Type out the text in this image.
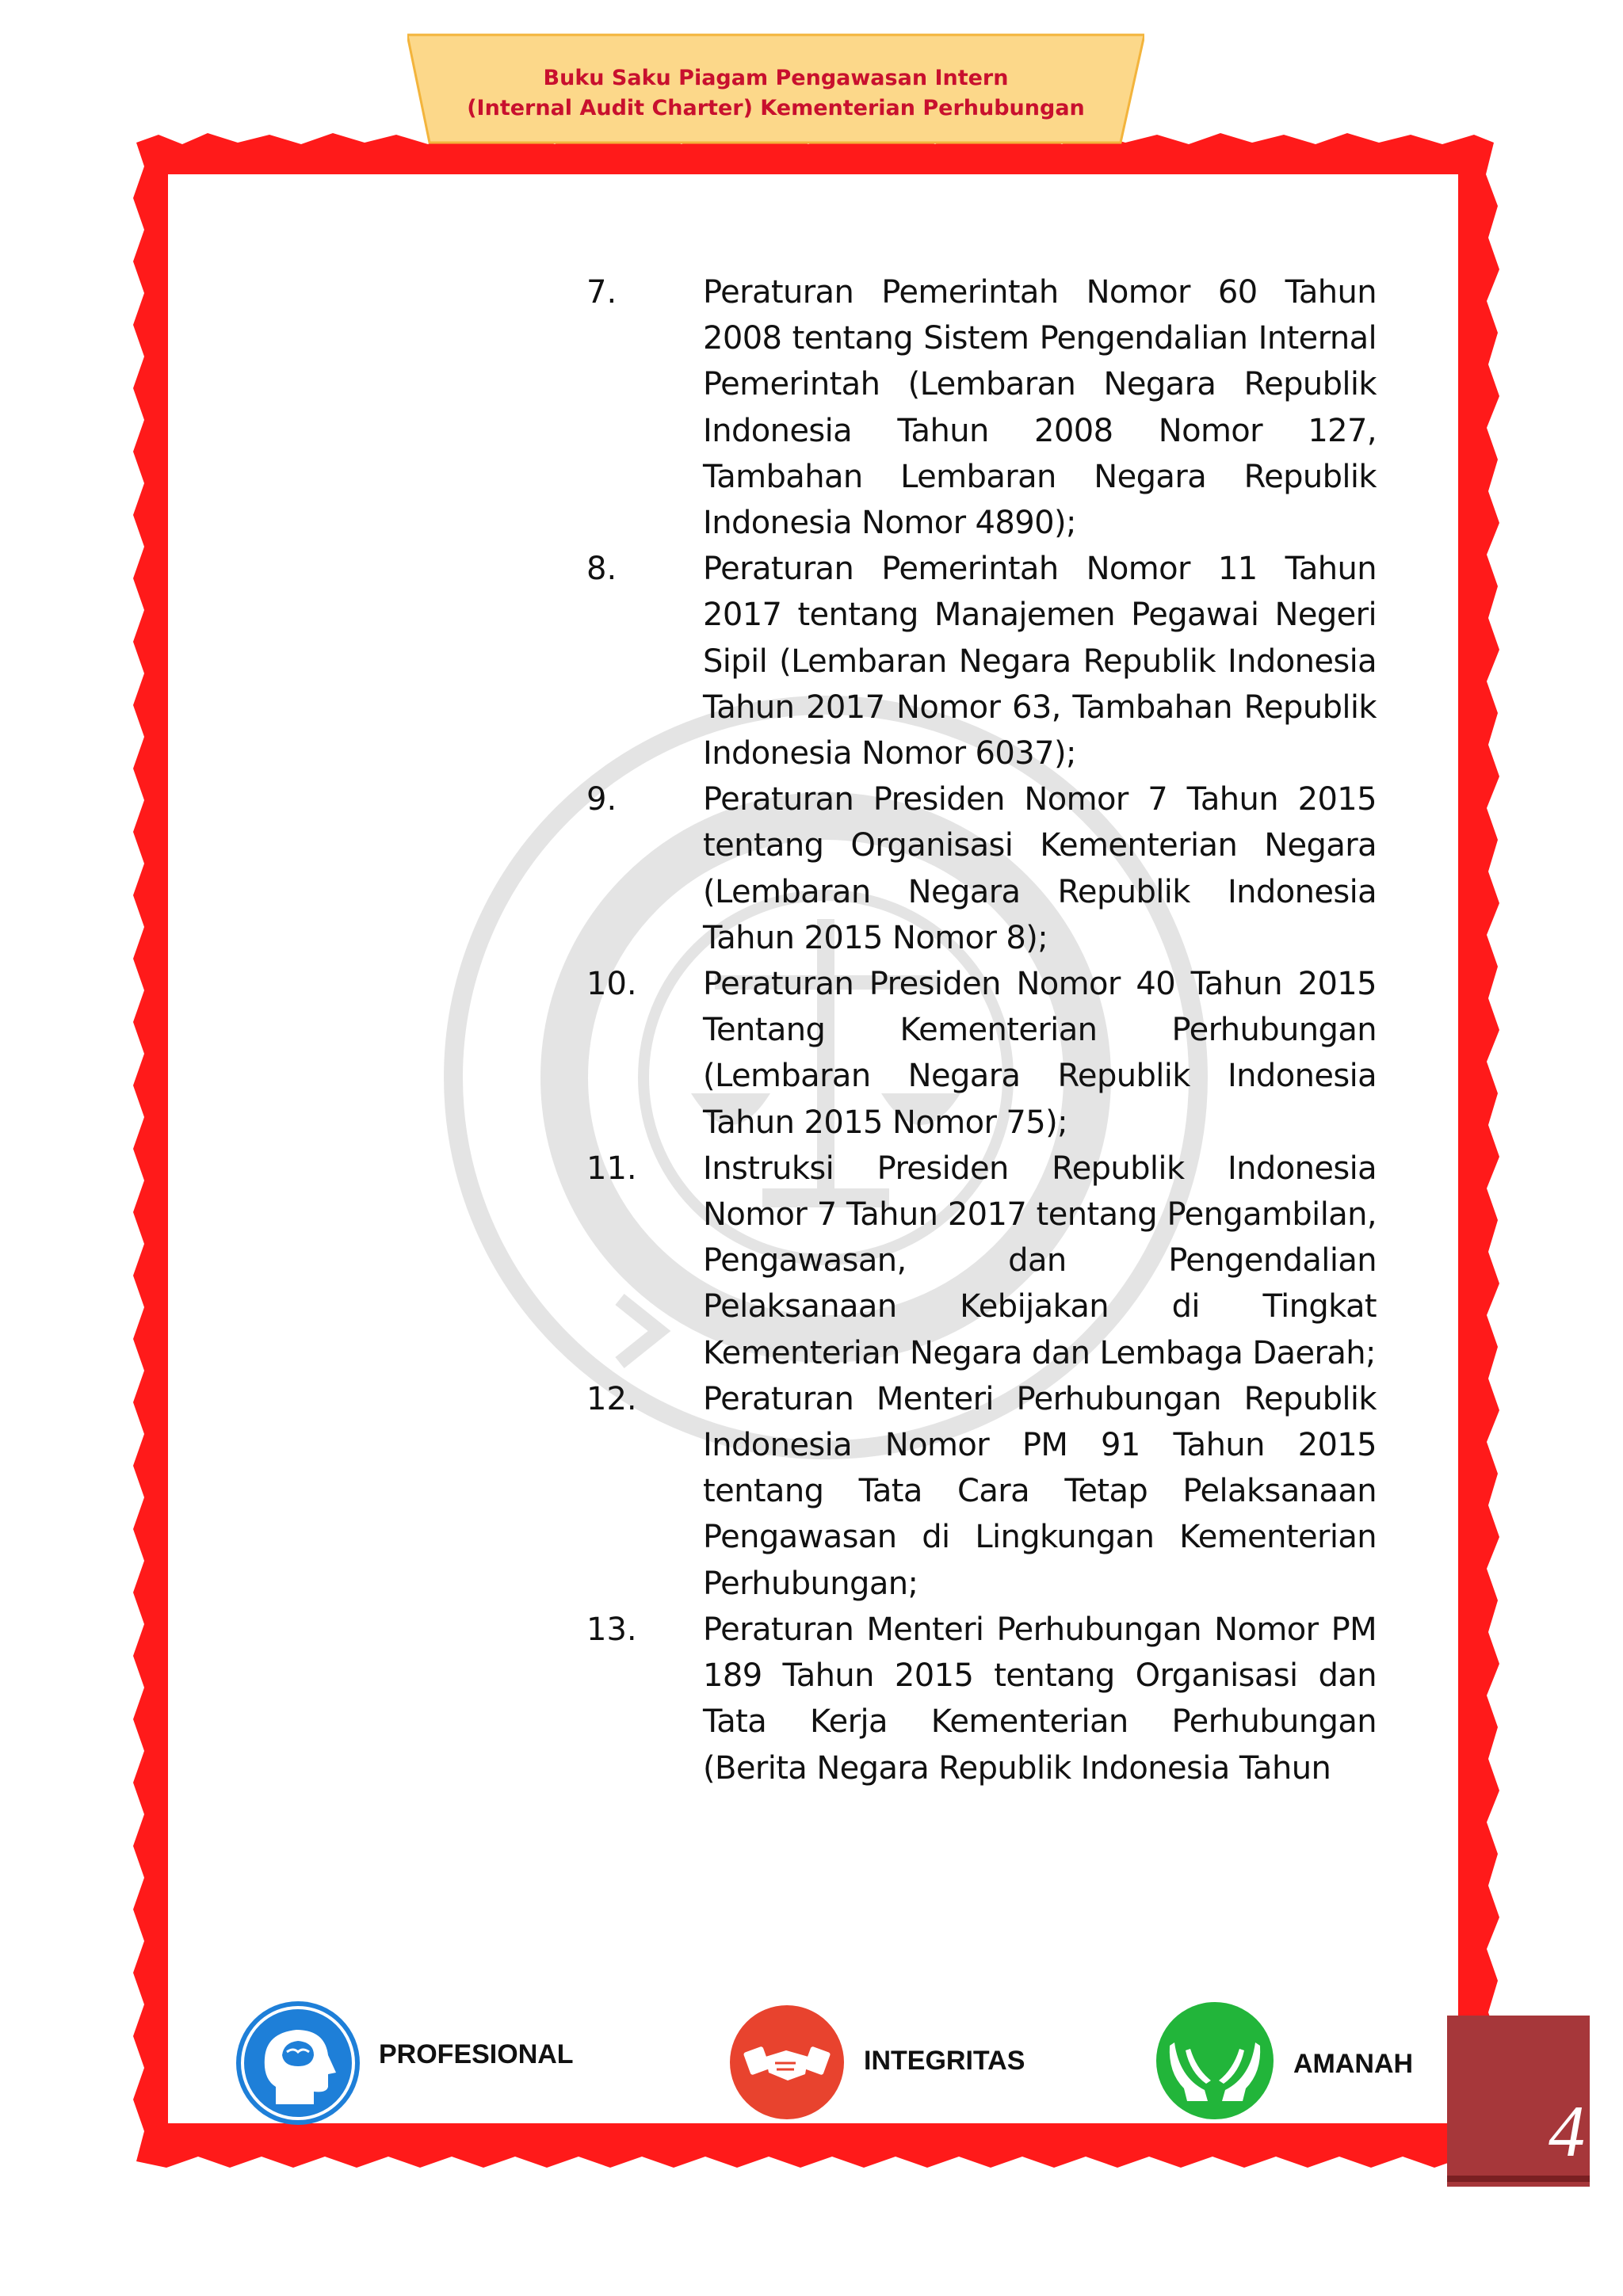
Buku Saku Piagam Pengawasan Intern
(Internal Audit Charter) Kementerian Perhubungan
7.	Peraturan Pemerintah Nomor 60 Tahun 2008 tentang Sistem Pengendalian Internal Pemerintah (Lembaran Negara Republik Indonesia Tahun 2008 Nomor 127, Tambahan Lembaran Negara Republik Indonesia Nomor 4890);
8.	Peraturan Pemerintah Nomor 11 Tahun 2017 tentang Manajemen Pegawai Negeri Sipil (Lembaran Negara Republik Indonesia Tahun 2017 Nomor 63, Tambahan Republik Indonesia Nomor 6037);
9.	Peraturan Presiden Nomor 7 Tahun 2015 tentang Organisasi Kementerian Negara (Lembaran Negara Republik Indonesia Tahun 2015 Nomor 8);
10.	Peraturan Presiden Nomor 40 Tahun 2015 Tentang Kementerian Perhubungan (Lembaran Negara Republik Indonesia Tahun 2015 Nomor 75);
11.	Instruksi Presiden Republik Indonesia Nomor 7 Tahun 2017 tentang Pengambilan, Pengawasan, dan Pengendalian Pelaksanaan Kebijakan di Tingkat Kementerian Negara dan Lembaga Daerah;
12.	Peraturan Menteri Perhubungan Republik Indonesia Nomor PM 91 Tahun 2015 tentang Tata Cara Tetap Pelaksanaan Pengawasan di Lingkungan Kementerian Perhubungan;
13.	Peraturan Menteri Perhubungan Nomor PM 189 Tahun 2015 tentang Organisasi dan Tata Kerja Kementerian Perhubungan (Berita Negara Republik Indonesia Tahun
PROFESIONAL	INTEGRITAS	AMANAH
4
